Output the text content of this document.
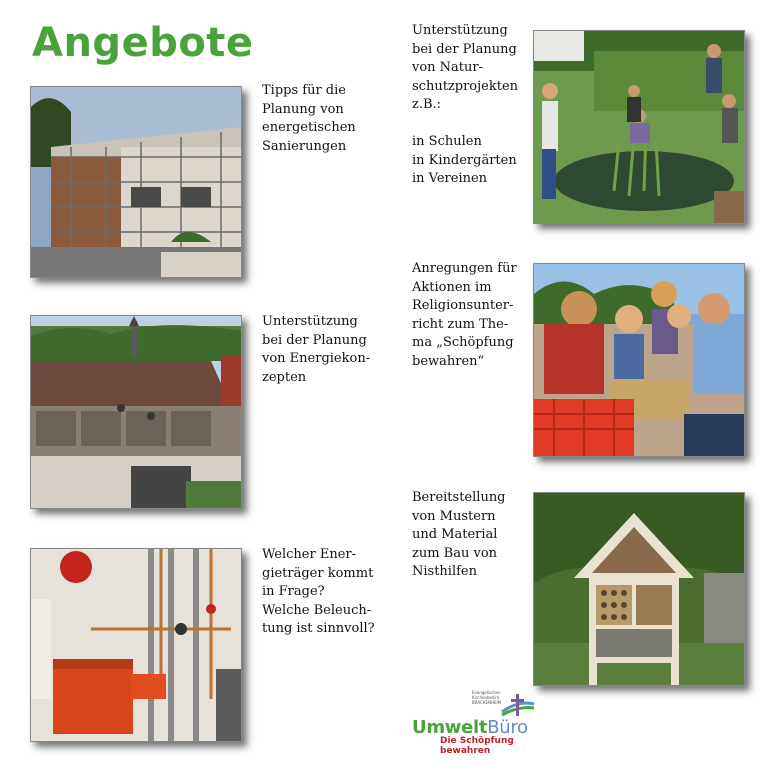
Angebote

Tipps für die
Planung von
energetischen
Sanierungen

Unterstützung
bei der Planung
von Energiekon-
zepten

Welcher Ener-
gieträger kommt
in Frage?
Welche Beleuch-
tung ist sinnvoll?

Unterstützung
bei der Planung
von Natur-
schutzprojekten
z.B.:

in Schulen
in Kindergärten
in Vereinen

Anregungen für
Aktionen im
Religionsunter-
richt zum The-
ma „Schöpfung
bewahren“

Bereitstellung
von Mustern
und Material
zum Bau von
Nisthilfen

Evangelisches
Kirchenbezirk
BRACKENHEIM
UmweltBüro
Die Schöpfung bewahren
